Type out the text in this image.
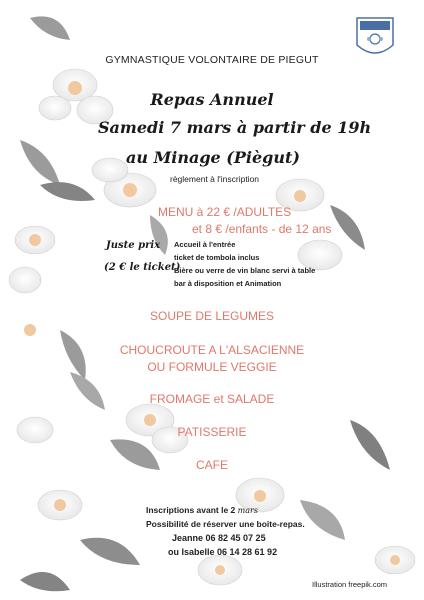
GYMNASTIQUE VOLONTAIRE DE PIEGUT
Repas Annuel
Samedi 7 mars à partir de 19h
au Minage (Piègut)
règlement à l'inscription
MENU à 22 € /ADULTES
et 8 € /enfants - de 12 ans
Juste prix
(2 € le ticket)
Accueil à l'entrée
ticket de tombola inclus
Bière ou verre de vin blanc servi à table
bar à disposition et Animation
SOUPE DE LEGUMES
CHOUCROUTE A L'ALSACIENNE
OU FORMULE VEGGIE
FROMAGE et SALADE
PATISSERIE
CAFE
Inscriptions avant le 2 mars
Possibilité de réserver une boite-repas.
Jeanne 06 82 45 07 25
ou Isabelle 06 14 28 61 92
Illustration freepik.com
